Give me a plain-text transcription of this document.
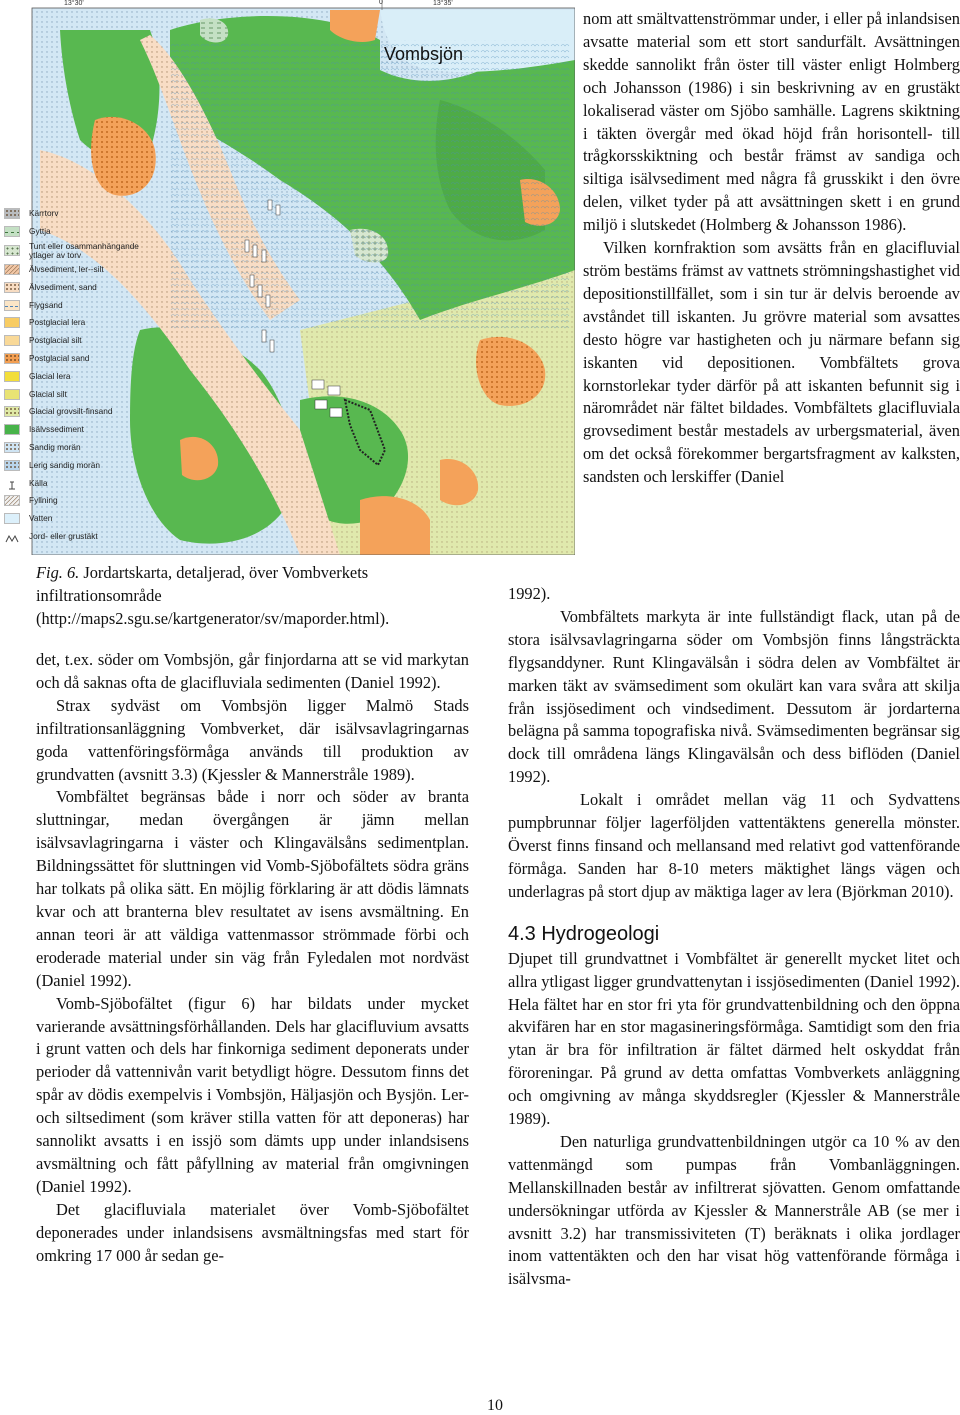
13°30'	0	13°35'
Vombsjön
Kärrtorv
Gyttja
Tunt eller osammanhängande ytlager av torv
Älvsediment, ler--silt
Älvsediment, sand
Flygsand
Postglacial lera
Postglacial silt
Postglacial sand
Glacial lera
Glacial silt
Glacial grovsilt-finsand
Isälvssediment
Sandig morän
Lerig sandig morän
Källa
Fyllning
Vatten
Jord- eller grustäkt
Fig. 6. Jordartskarta, detaljerad, över Vombverkets infiltrationsområde (http://maps2.sgu.se/kartgenerator/sv/maporder.html).

det, t.ex. söder om Vombsjön, går finjordarna att se vid markytan och då saknas ofta de glacifluviala sedimenten (Daniel 1992).

Strax sydväst om Vombsjön ligger Malmö Stads infiltrationsanläggning Vombverket, där isälvsavlagringarnas goda vattenföringsförmåga används till produktion av grundvatten (avsnitt 3.3) (Kjessler & Mannerstråle 1989).

Vombfältet begränsas både i norr och söder av branta sluttningar, medan övergången är jämn mellan isälvsavlagringarna i väster och Klingavälsåns sedimentplan. Bildningssättet för sluttningen vid Vomb-Sjöbofältets södra gräns har tolkats på olika sätt. En möjlig förklaring är att dödis lämnats kvar och att branterna blev resultatet av isens avsmältning. En annan teori är att väldiga vattenmassor strömmade förbi och eroderade material under sin väg från Fyledalen mot nordväst (Daniel 1992).

Vomb-Sjöbofältet (figur 6) har bildats under mycket varierande avsättningsförhållanden. Dels har glacifluvium avsatts i grunt vatten och dels har finkorniga sediment deponerats under perioder då vattennivån varit betydligt högre. Dessutom finns det spår av dödis exempelvis i Vombsjön, Häljasjön och Bysjön. Ler- och siltsediment (som kräver stilla vatten för att deponeras) har sannolikt avsatts i en issjö som dämts upp under inlandsisens avsmältning och fått påfyllning av material från omgivningen (Daniel 1992).

Det glacifluviala materialet över Vomb-Sjöbofältet deponerades under inlandsisens avsmältningsfas med start för omkring 17 000 år sedan ge-

nom att smältvattenströmmar under, i eller på inlandsisen avsatte material som ett stort sandurfält. Avsättningen skedde sannolikt från öster till väster enligt Holmberg och Johansson (1986) i sin beskrivning av en grustäkt lokaliserad väster om Sjöbo samhälle. Lagrens skiktning i täkten övergår med ökad höjd från horisontell- till trågkorsskiktning och består främst av sandiga och siltiga isälvsediment med några få grusskikt i den övre delen, vilket tyder på att avsättningen skett i en grund miljö i slutskedet (Holmberg & Johansson 1986).

Vilken kornfraktion som avsätts från en glacifluvial ström bestäms främst av vattnets strömningshastighet vid depositionstillfället, som i sin tur är delvis beroende av avståndet till iskanten. Ju grövre material som avsattes desto högre var hastigheten och ju närmare befann sig iskanten vid depositionen. Vombfältets grova kornstorlekar tyder därför på att iskanten befunnit sig i närområdet när fältet bildades. Vombfältets glacifluviala grovsediment består mestadels av urbergsmaterial, även om det också förekommer bergartsfragment av kalksten, sandsten och lerskiffer (Daniel

1992).

Vombfältets markyta är inte fullständigt flack, utan på de stora isälvsavlagringarna söder om Vombsjön finns långsträckta flygsanddyner. Runt Klingavälsån i södra delen av Vombfältet är marken täkt av svämsediment som okulärt kan vara svåra att skilja från issjösediment och vindsediment. Dessutom är jordarterna belägna på samma topografiska nivå. Svämsedimenten begränsar sig dock till områdena längs Klingavälsån och dess biflöden (Daniel 1992).

Lokalt i området mellan väg 11 och Sydvattens pumpbrunnar följer lagerföljden vattentäktens generella mönster. Överst finns finsand och mellansand med relativt god vattenförande förmåga. Sanden har 8-10 meters mäktighet längs vägen och underlagras på stort djup av mäktiga lager av lera (Björkman 2010).

4.3 Hydrogeologi

Djupet till grundvattnet i Vombfältet är generellt mycket litet och allra ytligast ligger grundvattenytan i issjösedimenten (Daniel 1992). Hela fältet har en stor fri yta för grundvattenbildning och den öppna akvifären har en stor magasineringsförmåga. Samtidigt som den fria ytan är bra för infiltration är fältet därmed helt oskyddat från föroreningar. På grund av detta omfattas Vombverkets anläggning och omgivning av många skyddsregler (Kjessler & Mannerstråle 1989).

Den naturliga grundvattenbildningen utgör ca 10 % av den vattenmängd som pumpas från Vombanläggningen. Mellanskillnaden består av infiltrerat sjövatten. Genom omfattande undersökningar utförda av Kjessler & Mannerstråle AB (se mer i avsnitt 3.2) har transmissiviteten (T) beräknats i olika jordlager inom vattentäkten och den har visat hög vattenförande förmåga i isälvsma-

10
